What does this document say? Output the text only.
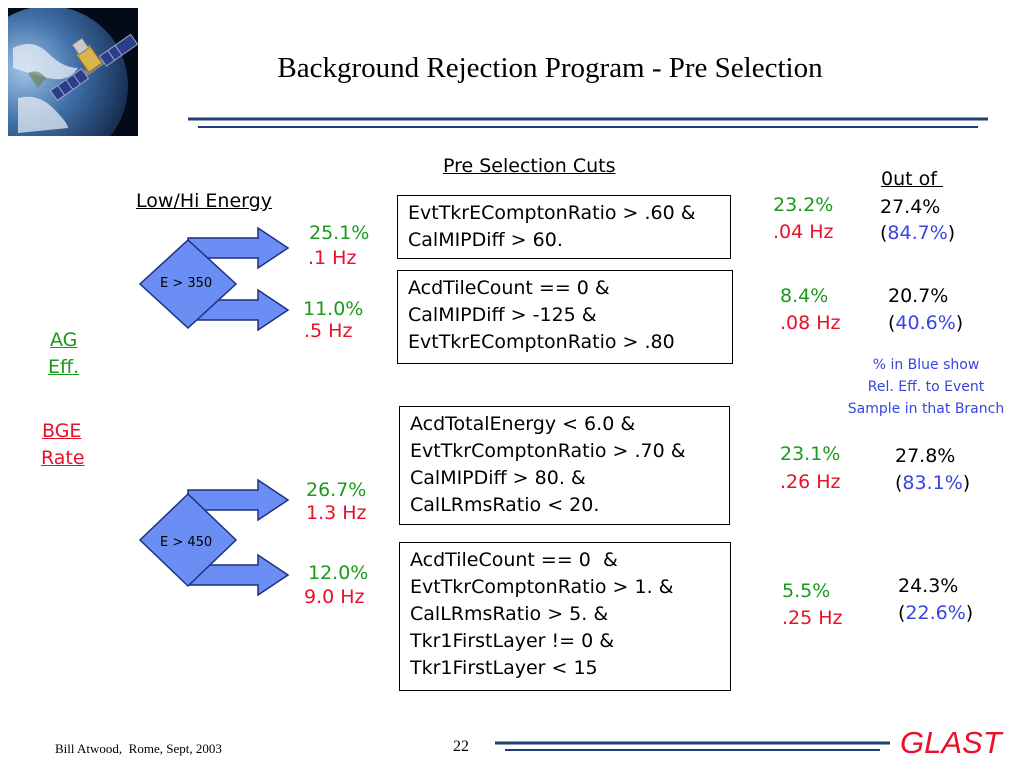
Background Rejection Program - Pre Selection
Pre Selection Cuts
Low/Hi Energy
0ut of
AG
Eff.
BGE
Rate
E > 350
E > 450
25.1%
.1 Hz
11.0%
.5 Hz
26.7%
1.3 Hz
12.0%
9.0 Hz
EvtTkrEComptonRatio > .60 &
CalMIPDiff > 60.
AcdTileCount == 0 &
CalMIPDiff > -125 &
EvtTkrEComptonRatio > .80
AcdTotalEnergy < 6.0 &
EvtTkrComptonRatio > .70 &
CalMIPDiff > 80. &
CalLRmsRatio < 20.
AcdTileCount == 0  &
EvtTkrComptonRatio > 1. &
CalLRmsRatio > 5. &
Tkr1FirstLayer != 0 &
Tkr1FirstLayer < 15
23.2%
.04 Hz
27.4%
(84.7%)
8.4%
.08 Hz
20.7%
(40.6%)
23.1%
.26 Hz
27.8%
(83.1%)
5.5%
.25 Hz
24.3%
(22.6%)
% in Blue show
Rel. Eff. to Event
Sample in that Branch
Bill Atwood,  Rome, Sept, 2003	22	GLAST
